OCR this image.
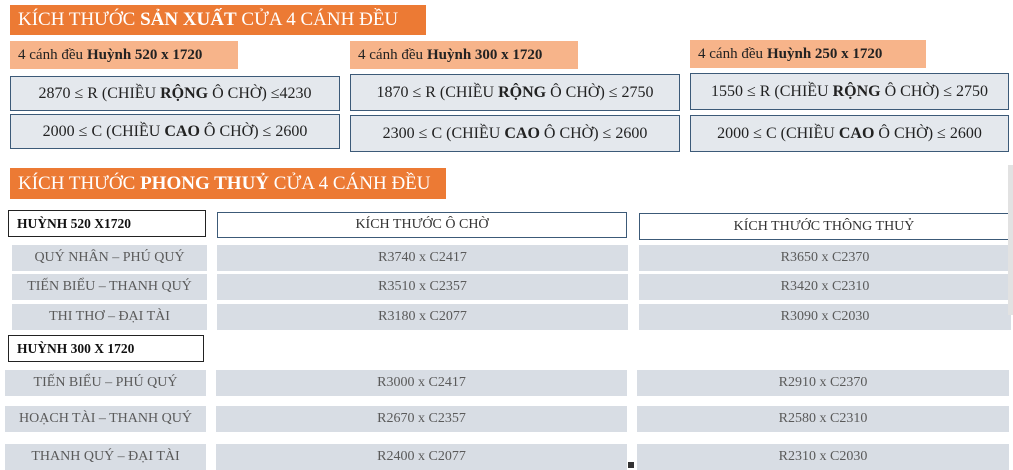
KÍCH THƯỚC
SẢN XUẤT
CỬA 4 CÁNH ĐỀU
4 cánh đều Huỳnh 520 x 1720
2870 ≤ R (CHIỀU RỘNG Ô CHỜ) ≤4230
2000 ≤ C (CHIỀU CAO Ô CHỜ) ≤ 2600
4 cánh đều Huỳnh 300 x 1720
1870 ≤ R (CHIỀU RỘNG Ô CHỜ) ≤ 2750
2300 ≤ C (CHIỀU CAO Ô CHỜ) ≤ 2600
4 cánh đều Huỳnh 250 x 1720
1550 ≤ R (CHIỀU RỘNG Ô CHỜ) ≤ 2750
2000 ≤ C (CHIỀU CAO Ô CHỜ) ≤ 2600
KÍCH THƯỚC
PHONG THUỶ
CỬA 4 CÁNH ĐỀU
HUỲNH 520 X1720	KÍCH THƯỚC Ô CHỜ	KÍCH THƯỚC THÔNG THUỶ
QUÝ NHÂN – PHÚ QUÝ	R3740 x C2417	R3650 x C2370
TIẾN BIỂU – THANH QUÝ	R3510 x C2357	R3420 x C2310
THI THƠ – ĐẠI TÀI	R3180 x C2077	R3090 x C2030
HUỲNH 300 X 1720
TIẾN BIỂU – PHÚ QUÝ	R3000 x C2417	R2910 x C2370
HOẠCH TÀI – THANH QUÝ	R2670 x C2357	R2580 x C2310
THANH QUÝ – ĐẠI TÀI	R2400 x C2077	R2310 x C2030
